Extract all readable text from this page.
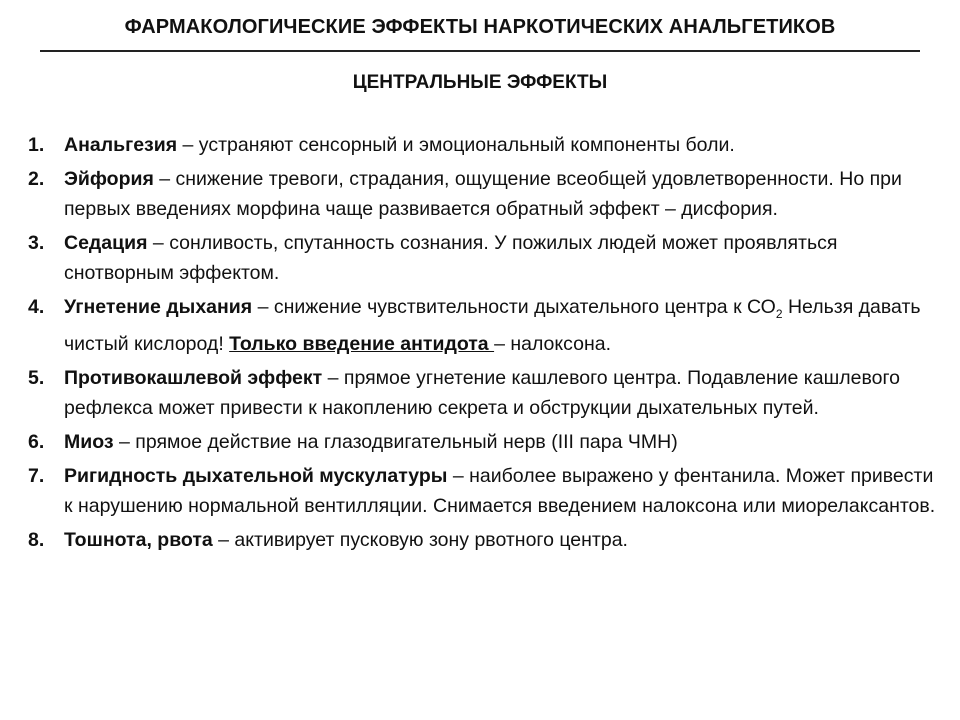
ФАРМАКОЛОГИЧЕСКИЕ ЭФФЕКТЫ НАРКОТИЧЕСКИХ АНАЛЬГЕТИКОВ
ЦЕНТРАЛЬНЫЕ ЭФФЕКТЫ
1.	Анальгезия – устраняют сенсорный и эмоциональный компоненты боли.
2.	Эйфория – снижение тревоги, страдания, ощущение всеобщей удовлетворенности. Но при первых введениях морфина чаще развивается обратный эффект – дисфория.
3.	Седация – сонливость, спутанность сознания. У пожилых людей может проявляться снотворным эффектом.
4.	Угнетение дыхания – снижение чувствительности дыхательного центра к $СО_2$ Нельзя давать чистый кислород! Только введение антидота – налоксона.
5.	Противокашлевой эффект – прямое угнетение кашлевого центра. Подавление кашлевого рефлекса может привести к накоплению секрета и обструкции дыхательных путей.
6.	Миоз – прямое действие на глазодвигательный нерв (III пара ЧМН)
7.	Ригидность дыхательной мускулатуры – наиболее выражено у фентанила. Может привести к нарушению нормальной вентилляции. Снимается введением налоксона или миорелаксантов.
8.	Тошнота, рвота – активирует пусковую зону рвотного центра.
